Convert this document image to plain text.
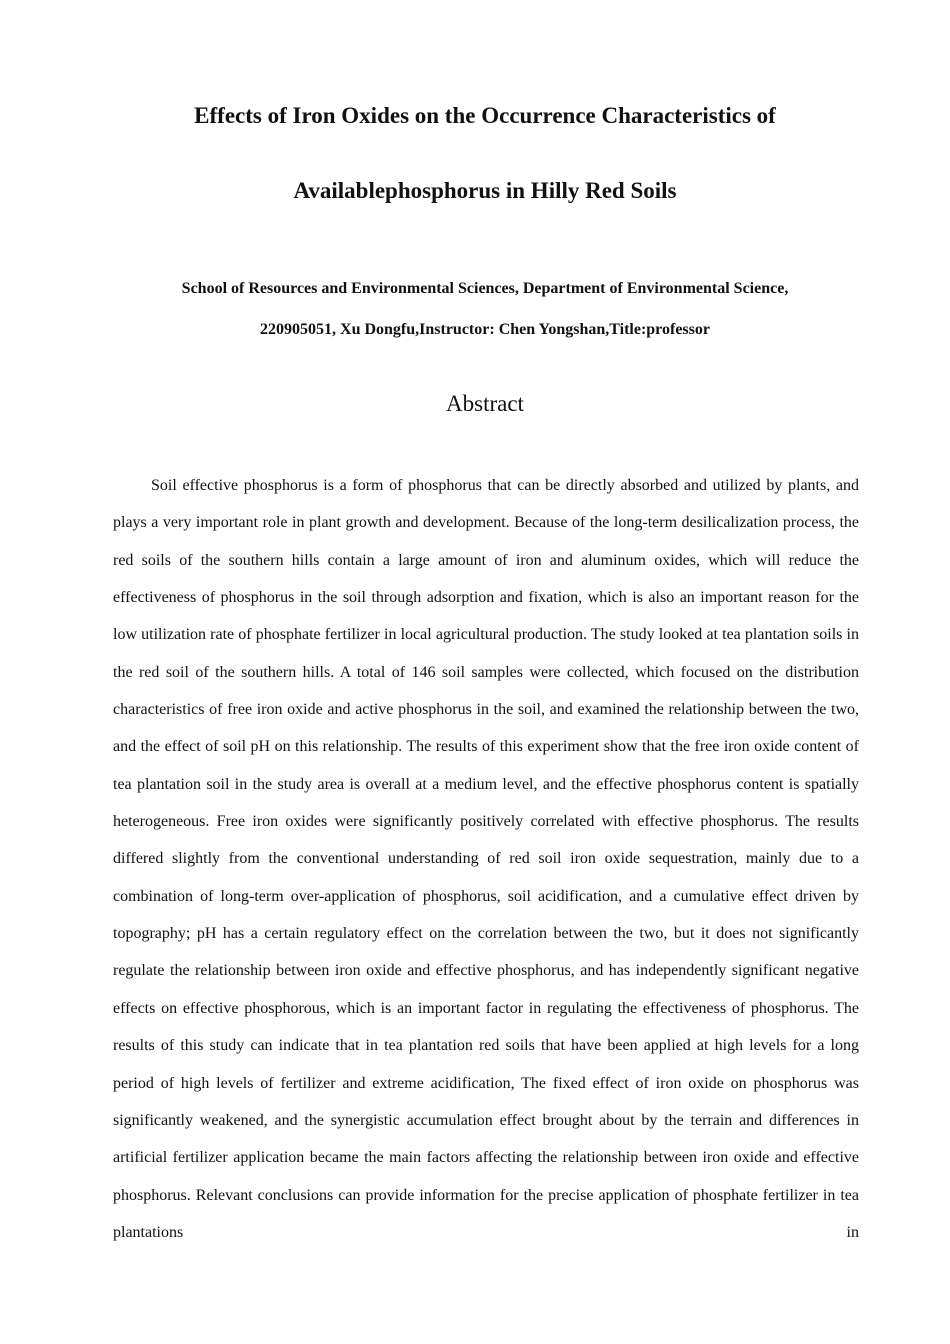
Effects of Iron Oxides on the Occurrence Characteristics of
Availablephosphorus in Hilly Red Soils

School of Resources and Environmental Sciences, Department of Environmental Science,

220905051, Xu Dongfu,Instructor: Chen Yongshan,Title:professor

Abstract

Soil effective phosphorus is a form of phosphorus that can be directly absorbed and utilized by plants, and plays a very important role in plant growth and development. Because of the long-term desilicalization process, the red soils of the southern hills contain a large amount of iron and aluminum oxides, which will reduce the effectiveness of phosphorus in the soil through adsorption and fixation, which is also an important reason for the low utilization rate of phosphate fertilizer in local agricultural production. The study looked at tea plantation soils in the red soil of the southern hills. A total of 146 soil samples were collected, which focused on the distribution characteristics of free iron oxide and active phosphorus in the soil, and examined the relationship between the two, and the effect of soil pH on this relationship. The results of this experiment show that the free iron oxide content of tea plantation soil in the study area is overall at a medium level, and the effective phosphorus content is spatially heterogeneous. Free iron oxides were significantly positively correlated with effective phosphorus. The results differed slightly from the conventional understanding of red soil iron oxide sequestration, mainly due to a combination of long-term over-application of phosphorus, soil acidification, and a cumulative effect driven by topography; pH has a certain regulatory effect on the correlation between the two, but it does not significantly regulate the relationship between iron oxide and effective phosphorus, and has independently significant negative effects on effective phosphorous, which is an important factor in regulating the effectiveness of phosphorus. The results of this study can indicate that in tea plantation red soils that have been applied at high levels for a long period of high levels of fertilizer and extreme acidification, The fixed effect of iron oxide on phosphorus was significantly weakened, and the synergistic accumulation effect brought about by the terrain and differences in artificial fertilizer application became the main factors affecting the relationship between iron oxide and effective phosphorus. Relevant conclusions can provide information for the precise application of phosphate fertilizer in tea plantations in
